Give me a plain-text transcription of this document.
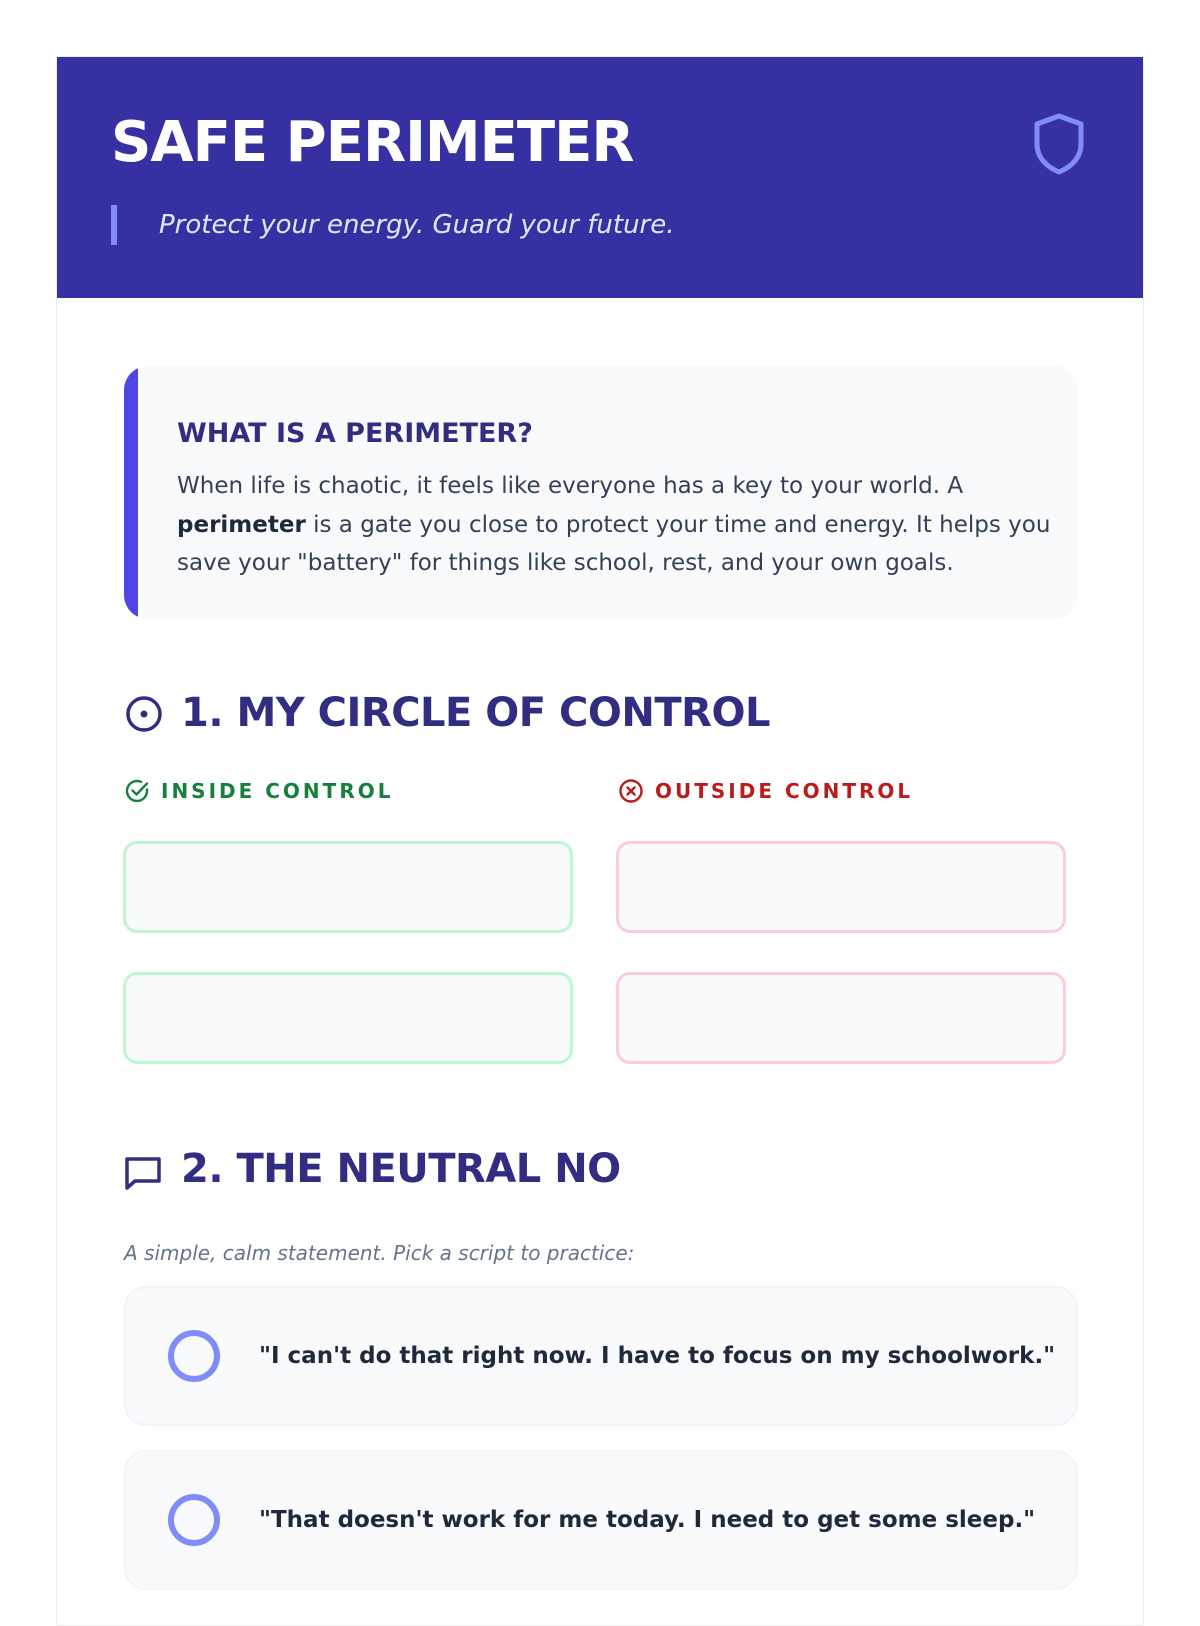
SAFE PERIMETER
Protect your energy. Guard your future.
WHAT IS A PERIMETER?

When life is chaotic, it feels like everyone has a key to your world. A perimeter is a gate you close to protect your time and energy. It helps you save your "battery" for things like school, rest, and your own goals.

1. MY CIRCLE OF CONTROL
INSIDE CONTROL	OUTSIDE CONTROL
2. THE NEUTRAL NO
A simple, calm statement. Pick a script to practice:
"I can't do that right now. I have to focus on my schoolwork."
"That doesn't work for me today. I need to get some sleep."
